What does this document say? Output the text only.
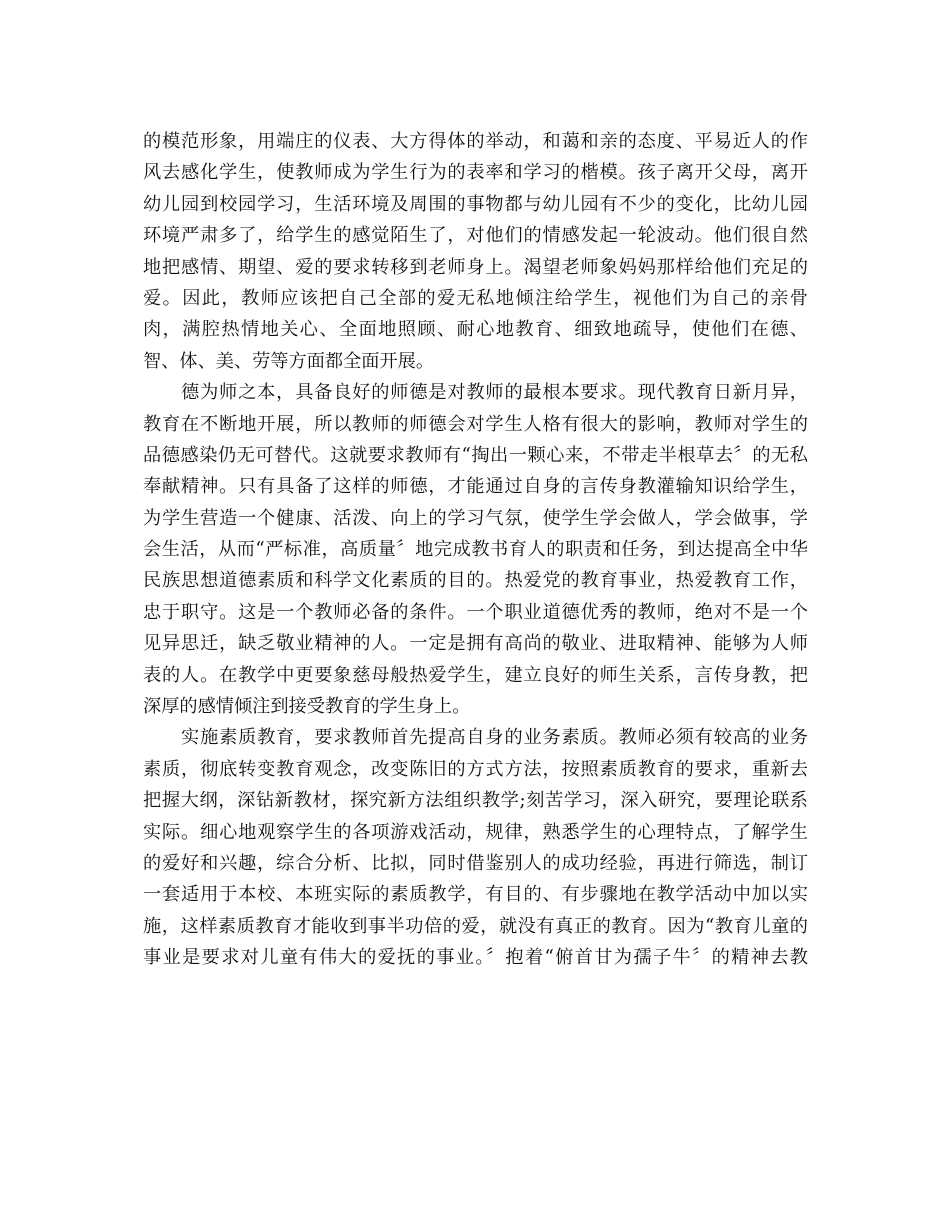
的模范形象，用端庄的仪表、大方得体的举动，和蔼和亲的态度、平易近人的作
风去感化学生，使教师成为学生行为的表率和学习的楷模。孩子离开父母，离开
幼儿园到校园学习，生活环境及周围的事物都与幼儿园有不少的变化，比幼儿园
环境严肃多了，给学生的感觉陌生了，对他们的情感发起一轮波动。他们很自然
地把感情、期望、爱的要求转移到老师身上。渴望老师象妈妈那样给他们充足的
爱。因此，教师应该把自己全部的爱无私地倾注给学生，视他们为自己的亲骨
肉，满腔热情地关心、全面地照顾、耐心地教育、细致地疏导，使他们在德、
智、体、美、劳等方面都全面开展。
　　德为师之本，具备良好的师德是对教师的最根本要求。现代教育日新月异，
教育在不断地开展，所以教师的师德会对学生人格有很大的影响，教师对学生的
品德感染仍无可替代。这就要求教师有“掏出一颗心来，不带走半根草去〞的无私
奉献精神。只有具备了这样的师德，才能通过自身的言传身教灌输知识给学生，
为学生营造一个健康、活泼、向上的学习气氛，使学生学会做人，学会做事，学
会生活，从而“严标准，高质量〞地完成教书育人的职责和任务，到达提高全中华
民族思想道德素质和科学文化素质的目的。热爱党的教育事业，热爱教育工作，
忠于职守。这是一个教师必备的条件。一个职业道德优秀的教师，绝对不是一个
见异思迁，缺乏敬业精神的人。一定是拥有高尚的敬业、进取精神、能够为人师
表的人。在教学中更要象慈母般热爱学生，建立良好的师生关系，言传身教，把
深厚的感情倾注到接受教育的学生身上。
　　实施素质教育，要求教师首先提高自身的业务素质。教师必须有较高的业务
素质，彻底转变教育观念，改变陈旧的方式方法，按照素质教育的要求，重新去
把握大纲，深钻新教材，探究新方法组织教学;刻苦学习，深入研究，要理论联系
实际。细心地观察学生的各项游戏活动，规律，熟悉学生的心理特点，了解学生
的爱好和兴趣，综合分析、比拟，同时借鉴别人的成功经验，再进行筛选，制订
一套适用于本校、本班实际的素质教学，有目的、有步骤地在教学活动中加以实
施，这样素质教育才能收到事半功倍的爱，就没有真正的教育。因为“教育儿童的
事业是要求对儿童有伟大的爱抚的事业。〞抱着“俯首甘为孺子牛〞的精神去教
